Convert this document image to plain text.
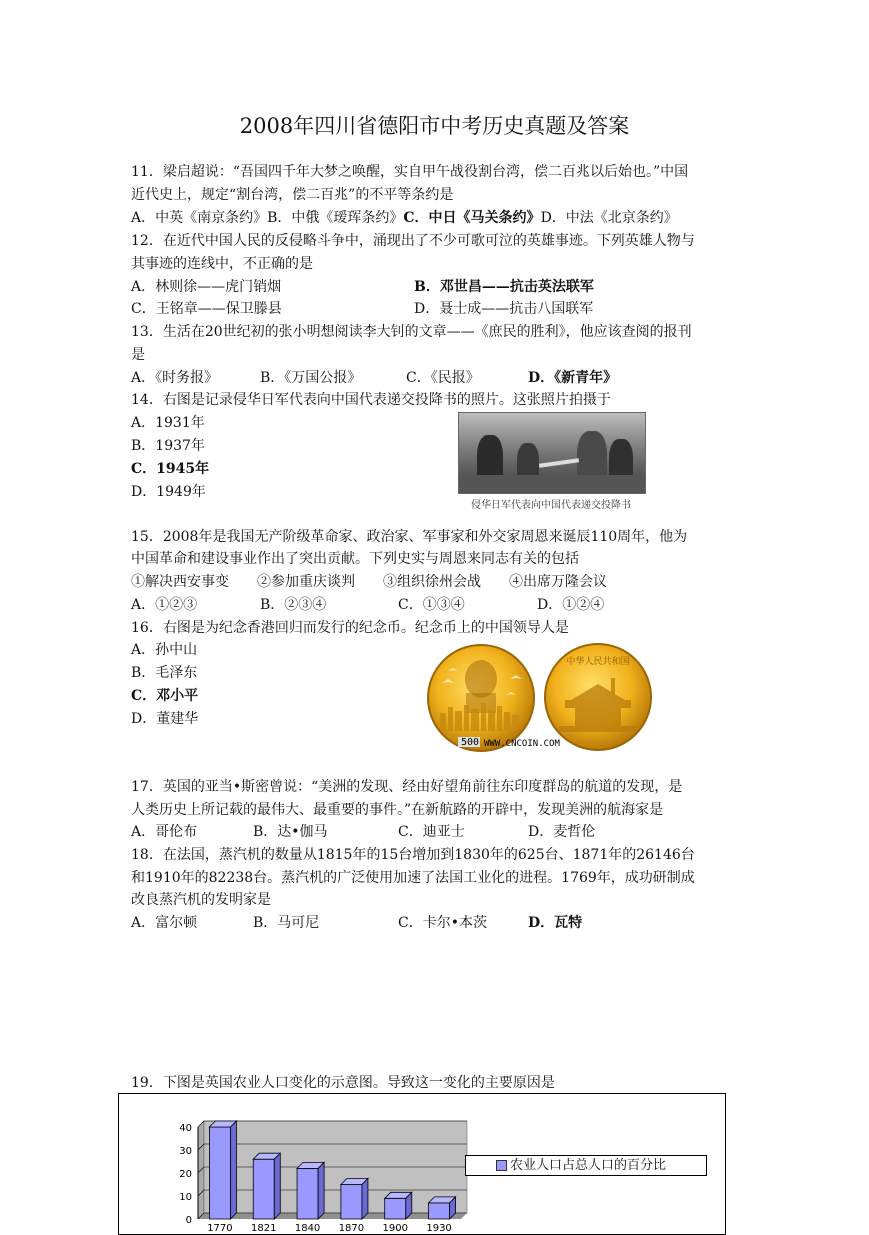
2008年四川省德阳市中考历史真题及答案
11．梁启超说：“吾国四千年大梦之唤醒，实自甲午战役割台湾，偿二百兆以后始也。”中国
近代史上，规定“割台湾，偿二百兆”的不平等条约是
A．中英《南京条约》B．中俄《瑷珲条约》C．中日《马关条约》D．中法《北京条约》
12．在近代中国人民的反侵略斗争中，涌现出了不少可歌可泣的英雄事迹。下列英雄人物与
其事迹的连线中，不正确的是
A．林则徐——虎门销烟	B．邓世昌——抗击英法联军
C．王铭章——保卫滕县	D．聂士成——抗击八国联军
13．生活在20世纪初的张小明想阅读李大钊的文章——《庶民的胜利》，他应该查阅的报刊
是
A．《时务报》	B．《万国公报》	C．《民报》	D．《新青年》
14．右图是记录侵华日军代表向中国代表递交投降书的照片。这张照片拍摄于
A．1931年
B．1937年
C．1945年
D．1949年
侵华日军代表向中国代表递交投降书
15．2008年是我国无产阶级革命家、政治家、军事家和外交家周恩来诞辰110周年，他为
中国革命和建设事业作出了突出贡献。下列史实与周恩来同志有关的包括
①解决西安事变　　②参加重庆谈判　　③组织徐州会战　　④出席万隆会议
A．①②③	B．②③④	C．①③④	D．①②④
16．右图是为纪念香港回归而发行的纪念币。纪念币上的中国领导人是
A．孙中山
B．毛泽东
C．邓小平
D．董建华
500 WWW.CNCOIN.COM
中华人民共和国
17．英国的亚当•斯密曾说：“美洲的发现、经由好望角前往东印度群岛的航道的发现，是
人类历史上所记载的最伟大、最重要的事件。”在新航路的开辟中，发现美洲的航海家是
A．哥伦布	B．达•伽马	C．迪亚士	D．麦哲伦
18．在法国，蒸汽机的数量从1815年的15台增加到1830年的625台、1871年的26146台
和1910年的82238台。蒸汽机的广泛使用加速了法国工业化的进程。1769年，成功研制成
改良蒸汽机的发明家是
A．富尔顿	B．马可尼	C．卡尔•本茨	D．瓦特
19．下图是英国农业人口变化的示意图。导致这一变化的主要原因是
0
10
20
30
40
1770 1821 1840 1870 1900 1930
农业人口占总人口的百分比
